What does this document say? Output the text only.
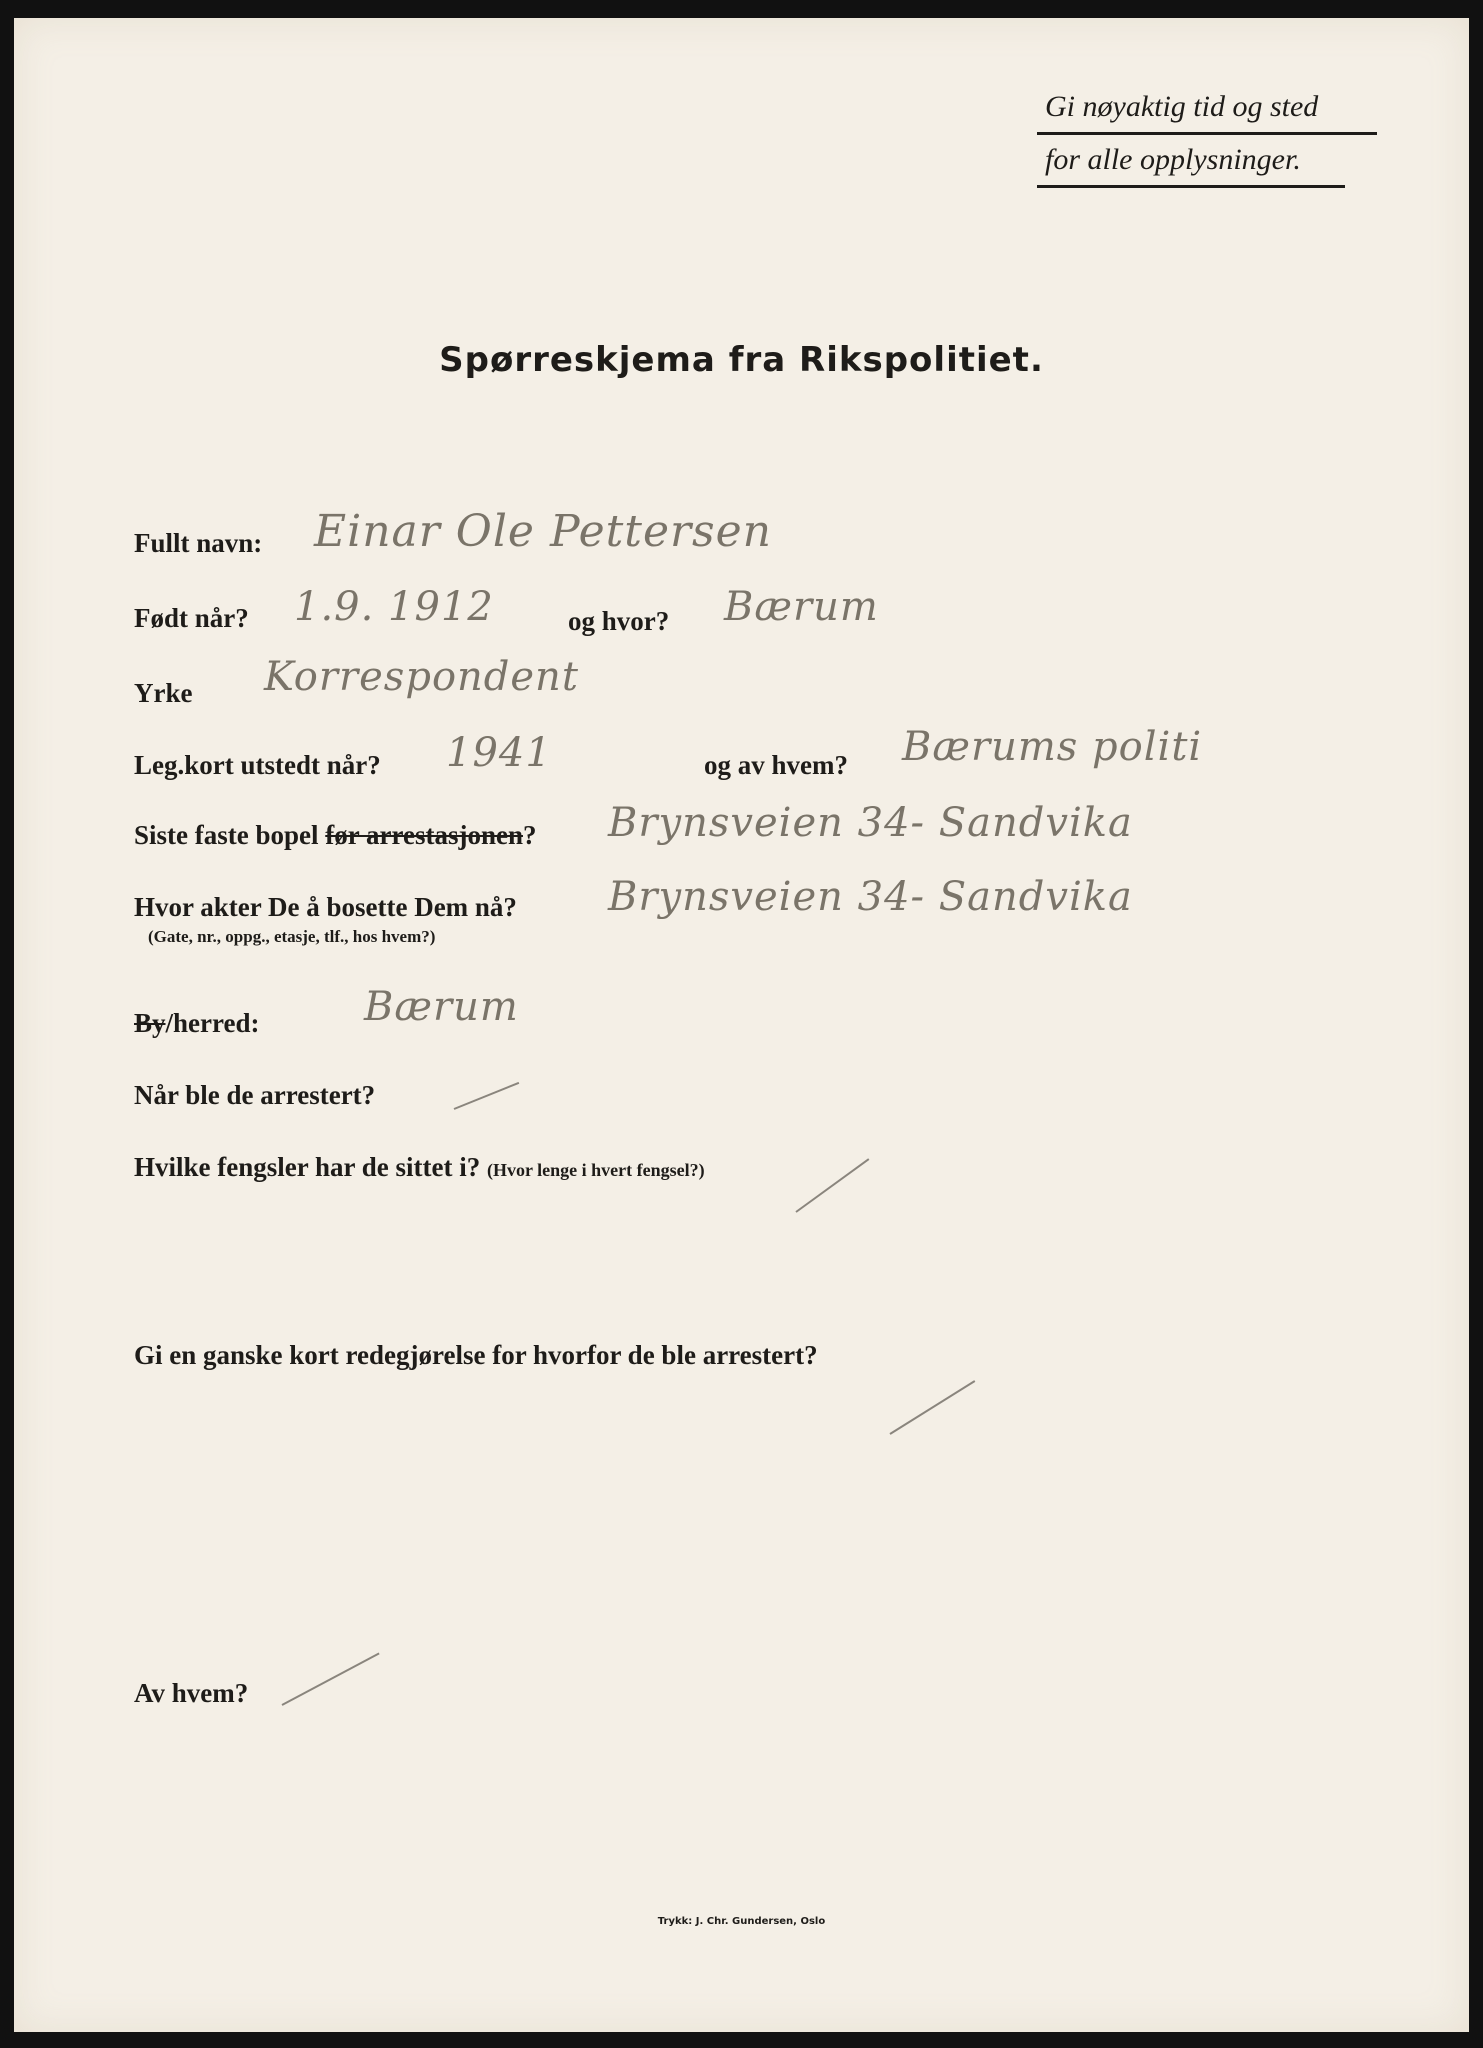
Gi nøyaktig tid og sted
for alle opplysninger.
Spørreskjema fra Rikspolitiet.
Fullt navn: Einar Ole Pettersen
Født når? 1.9. 1912	og hvor? Bærum
Yrke Korrespondent
Leg.kort utstedt når? 1941	og av hvem? Bærums politi
Siste faste bopel før arrestasjonen? Brynsveien 34- Sandvika
Hvor akter De å bosette Dem nå?
(Gate, nr., oppg., etasje, tlf., hos hvem?)
Brynsveien 34- Sandvika
By/herred:	Bærum
Når ble de arrestert?
Hvilke fengsler har de sittet i? (Hvor lenge i hvert fengsel?)
Gi en ganske kort redegjørelse for hvorfor de ble arrestert?
Av hvem?
Trykk: J. Chr. Gundersen, Oslo
